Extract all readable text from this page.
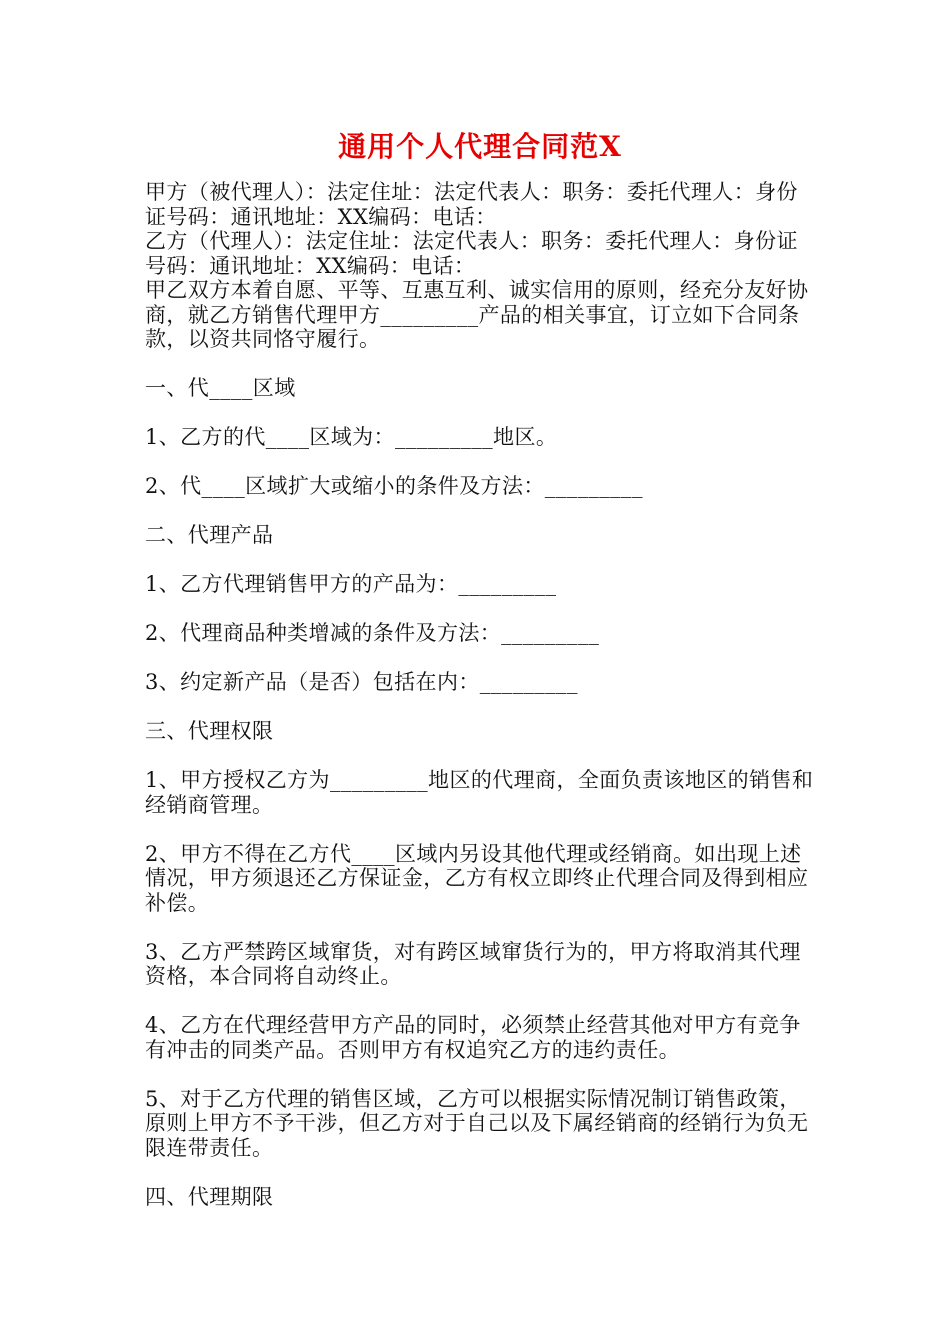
通用个人代理合同范X

甲方（被代理人）：法定住址：法定代表人：职务：委托代理人：身份证号码：通讯地址：XX编码：电话：

乙方（代理人）：法定住址：法定代表人：职务：委托代理人：身份证号码：通讯地址：XX编码：电话：

甲乙双方本着自愿、平等、互惠互利、诚实信用的原则，经充分友好协商，就乙方销售代理甲方_________产品的相关事宜，订立如下合同条款，以资共同恪守履行。

一、代____区域

1、乙方的代____区域为：_________地区。

2、代____区域扩大或缩小的条件及方法：_________

二、代理产品

1、乙方代理销售甲方的产品为：_________

2、代理商品种类增减的条件及方法：_________

3、约定新产品（是否）包括在内：_________

三、代理权限

1、甲方授权乙方为_________地区的代理商，全面负责该地区的销售和经销商管理。

2、甲方不得在乙方代____区域内另设其他代理或经销商。如出现上述情况，甲方须退还乙方保证金，乙方有权立即终止代理合同及得到相应补偿。

3、乙方严禁跨区域窜货，对有跨区域窜货行为的，甲方将取消其代理资格，本合同将自动终止。

4、乙方在代理经营甲方产品的同时，必须禁止经营其他对甲方有竞争有冲击的同类产品。否则甲方有权追究乙方的违约责任。

5、对于乙方代理的销售区域，乙方可以根据实际情况制订销售政策，原则上甲方不予干涉，但乙方对于自己以及下属经销商的经销行为负无限连带责任。

四、代理期限
